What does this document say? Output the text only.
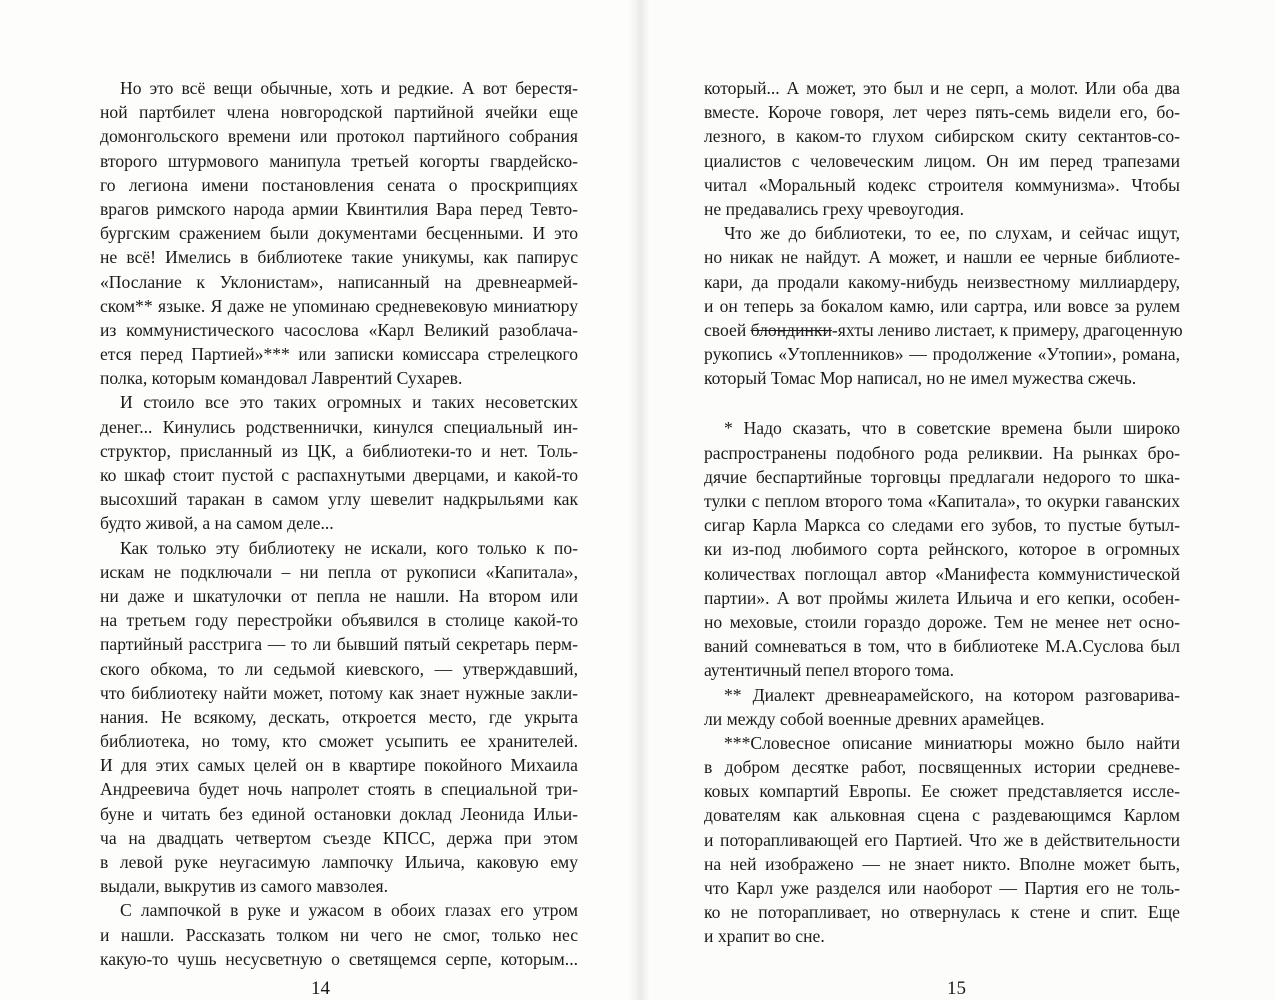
Но это всё вещи обычные, хоть и редкие. А вот берестя-
ной партбилет члена новгородской партийной ячейки еще
домонгольского времени или протокол партийного собрания
второго штурмового манипула третьей когорты гвардейско-
го легиона имени постановления сената о проскрипциях
врагов римского народа армии Квинтилия Вара перед Тевто-
бургским сражением были документами бесценными. И это
не всё! Имелись в библиотеке такие уникумы, как папирус
«Послание к Уклонистам», написанный на древнеармей-
ском** языке. Я даже не упоминаю средневековую миниатюру
из коммунистического часослова «Карл Великий разоблача-
ется перед Партией»*** или записки комиссара стрелецкого
полка, которым командовал Лаврентий Сухарев.
И стоило все это таких огромных и таких несоветских
денег... Кинулись родственнички, кинулся специальный ин-
структор, присланный из ЦК, а библиотеки-то и нет. Толь-
ко шкаф стоит пустой с распахнутыми дверцами, и какой-то
высохший таракан в самом углу шевелит надкрыльями как
будто живой, а на самом деле...
Как только эту библиотеку не искали, кого только к по-
искам не подключали – ни пепла от рукописи «Капитала»,
ни даже и шкатулочки от пепла не нашли. На втором или
на третьем году перестройки объявился в столице какой-то
партийный расстрига — то ли бывший пятый секретарь перм-
ского обкома, то ли седьмой киевского, — утверждавший,
что библиотеку найти может, потому как знает нужные закли-
нания. Не всякому, дескать, откроется место, где укрыта
библиотека, но тому, кто сможет усыпить ее хранителей.
И для этих самых целей он в квартире покойного Михаила
Андреевича будет ночь напролет стоять в специальной три-
буне и читать без единой остановки доклад Леонида Ильи-
ча на двадцать четвертом съезде КПСС, держа при этом
в левой руке неугасимую лампочку Ильича, каковую ему
выдали, выкрутив из самого мавзолея.
С лампочкой в руке и ужасом в обоих глазах его утром
и нашли. Рассказать толком ни чего не смог, только нес
какую-то чушь несусветную о светящемся серпе, которым...
14
который... А может, это был и не серп, а молот. Или оба два
вместе. Короче говоря, лет через пять-семь видели его, бо-
лезного, в каком-то глухом сибирском скиту сектантов-со-
циалистов с человеческим лицом. Он им перед трапезами
читал «Моральный кодекс строителя коммунизма». Чтобы
не предавались греху чревоугодия.
Что же до библиотеки, то ее, по слухам, и сейчас ищут,
но никак не найдут. А может, и нашли ее черные библиоте-
кари, да продали какому-нибудь неизвестному миллиардеру,
и он теперь за бокалом камю, или сартра, или вовсе за рулем
своей блондинки-яхты лениво листает, к примеру, драгоценную
рукопись «Утопленников» — продолжение «Утопии», романа,
который Томас Мор написал, но не имел мужества сжечь.
* Надо сказать, что в советские времена были широко
распространены подобного рода реликвии. На рынках бро-
дячие беспартийные торговцы предлагали недорого то шка-
тулки с пеплом второго тома «Капитала», то окурки гаванских
сигар Карла Маркса со следами его зубов, то пустые бутыл-
ки из-под любимого сорта рейнского, которое в огромных
количествах поглощал автор «Манифеста коммунистической
партии». А вот проймы жилета Ильича и его кепки, особен-
но меховые, стоили гораздо дороже. Тем не менее нет осно-
ваний сомневаться в том, что в библиотеке М.А.Суслова был
аутентичный пепел второго тома.
** Диалект древнеарамейского, на котором разговарива-
ли между собой военные древних арамейцев.
***Словесное описание миниатюры можно было найти
в добром десятке работ, посвященных истории средневе-
ковых компартий Европы. Ее сюжет представляется иссле-
дователям как альковная сцена с раздевающимся Карлом
и поторапливающей его Партией. Что же в действительности
на ней изображено — не знает никто. Вполне может быть,
что Карл уже разделся или наоборот — Партия его не толь-
ко не поторапливает, но отвернулась к стене и спит. Еще
и храпит во сне.
15
